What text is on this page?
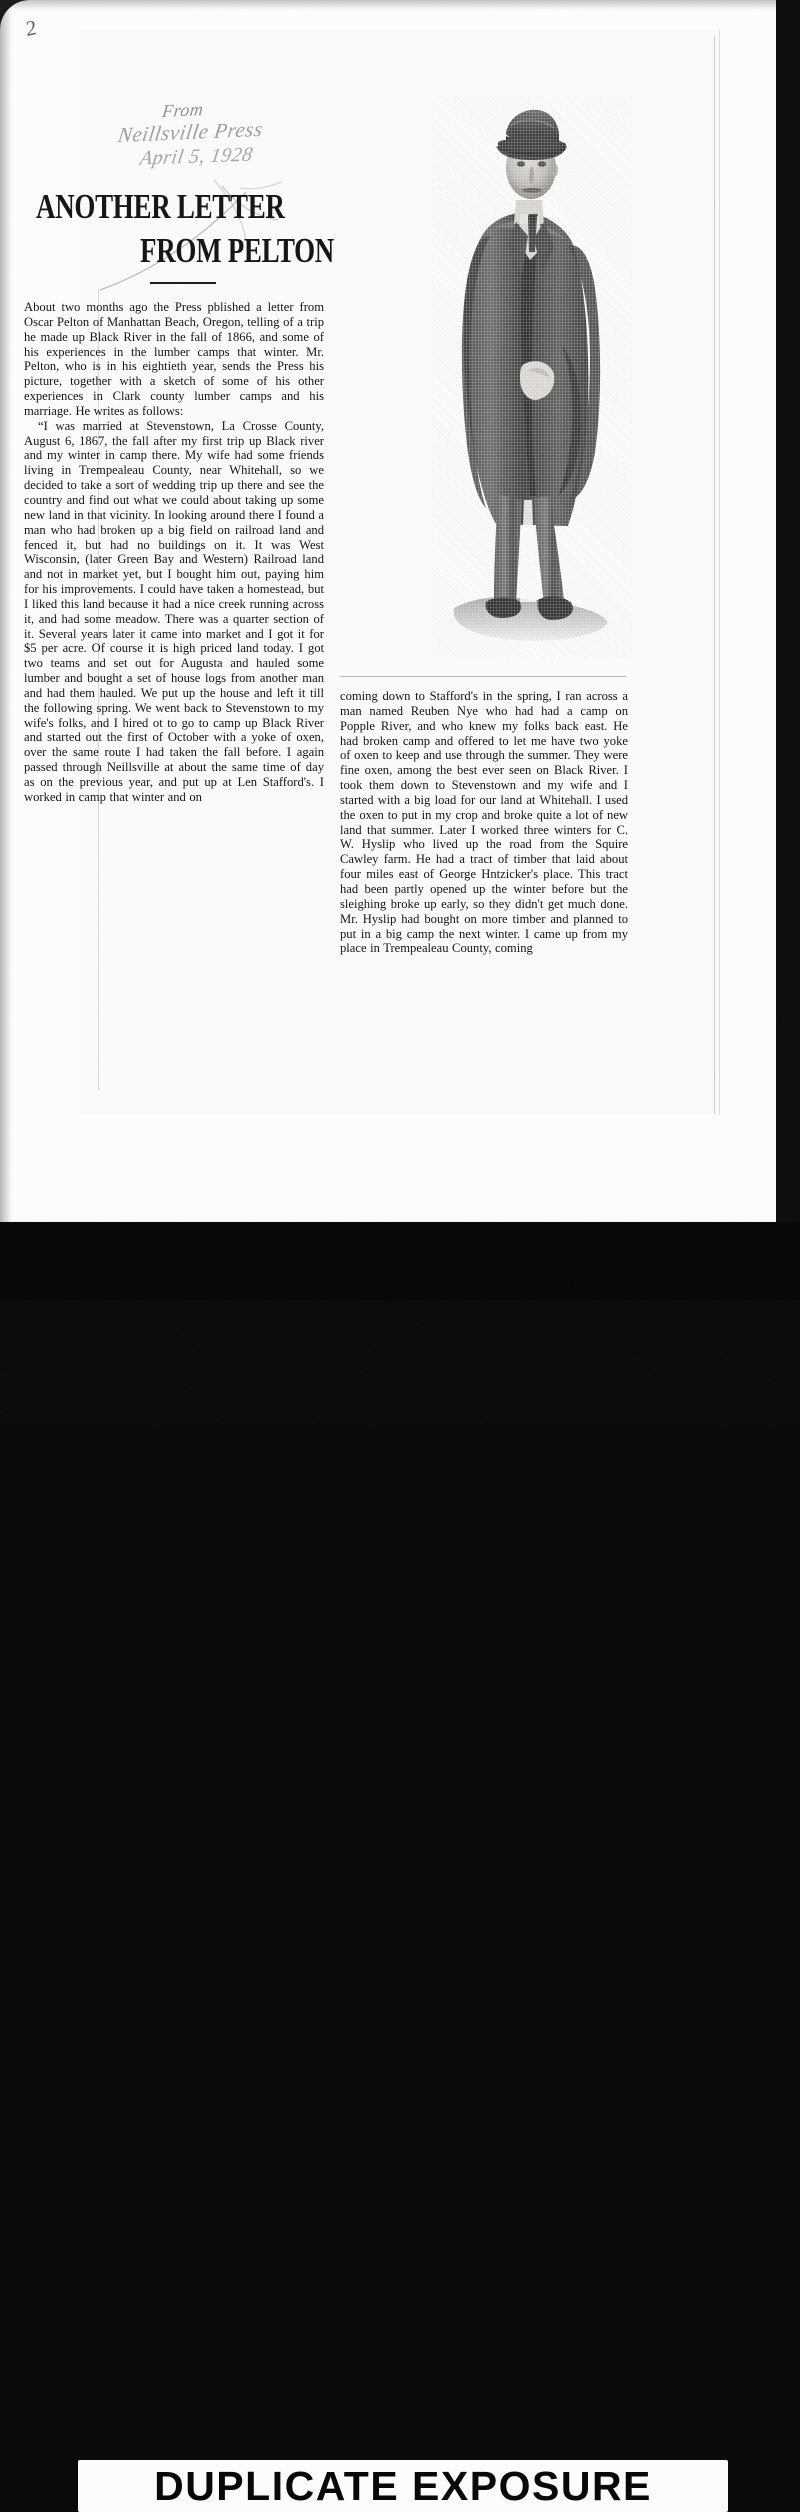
2
From
Neillsville Press
April 5, 1928
ANOTHER LETTER
FROM PELTON

About two months ago the Press pblished a letter from Oscar Pelton of Manhattan Beach, Oregon, telling of a trip he made up Black River in the fall of 1866, and some of his experiences in the lumber camps that winter. Mr. Pelton, who is in his eightieth year, sends the Press his picture, together with a sketch of some of his other experiences in Clark county lumber camps and his marriage. He writes as follows:

“I was married at Stevenstown, La Crosse County, August 6, 1867, the fall after my first trip up Black river and my winter in camp there. My wife had some friends living in Trempealeau County, near Whitehall, so we decided to take a sort of wedding trip up there and see the country and find out what we could about taking up some new land in that vicinity. In looking around there I found a man who had broken up a big field on railroad land and fenced it, but had no buildings on it. It was West Wisconsin, (later Green Bay and Western) Railroad land and not in market yet, but I bought him out, paying him for his improvements. I could have taken a homestead, but I liked this land because it had a nice creek running across it, and had some meadow. There was a quarter section of it. Several years later it came into market and I got it for $5 per acre. Of course it is high priced land today. I got two teams and set out for Augusta and hauled some lumber and bought a set of house logs from another man and had them hauled. We put up the house and left it till the following spring. We went back to Stevenstown to my wife's folks, and I hired ot to go to camp up Black River and started out the first of October with a yoke of oxen, over the same route I had taken the fall before. I again passed through Neillsville at about the same time of day as on the previous year, and put up at Len Stafford's. I worked in camp that winter and on

coming down to Stafford's in the spring, I ran across a man named Reuben Nye who had had a camp on Popple River, and who knew my folks back east. He had broken camp and offered to let me have two yoke of oxen to keep and use through the summer. They were fine oxen, among the best ever seen on Black River. I took them down to Stevenstown and my wife and I started with a big load for our land at Whitehall. I used the oxen to put in my crop and broke quite a lot of new land that summer. Later I worked three winters for C. W. Hyslip who lived up the road from the Squire Cawley farm. He had a tract of timber that laid about four miles east of George Hntzicker's place. This tract had been partly opened up the winter before but the sleighing broke up early, so they didn't get much done. Mr. Hyslip had bought on more timber and planned to put in a big camp the next winter. I came up from my place in Trempealeau County, coming

DUPLICATE EXPOSURE
